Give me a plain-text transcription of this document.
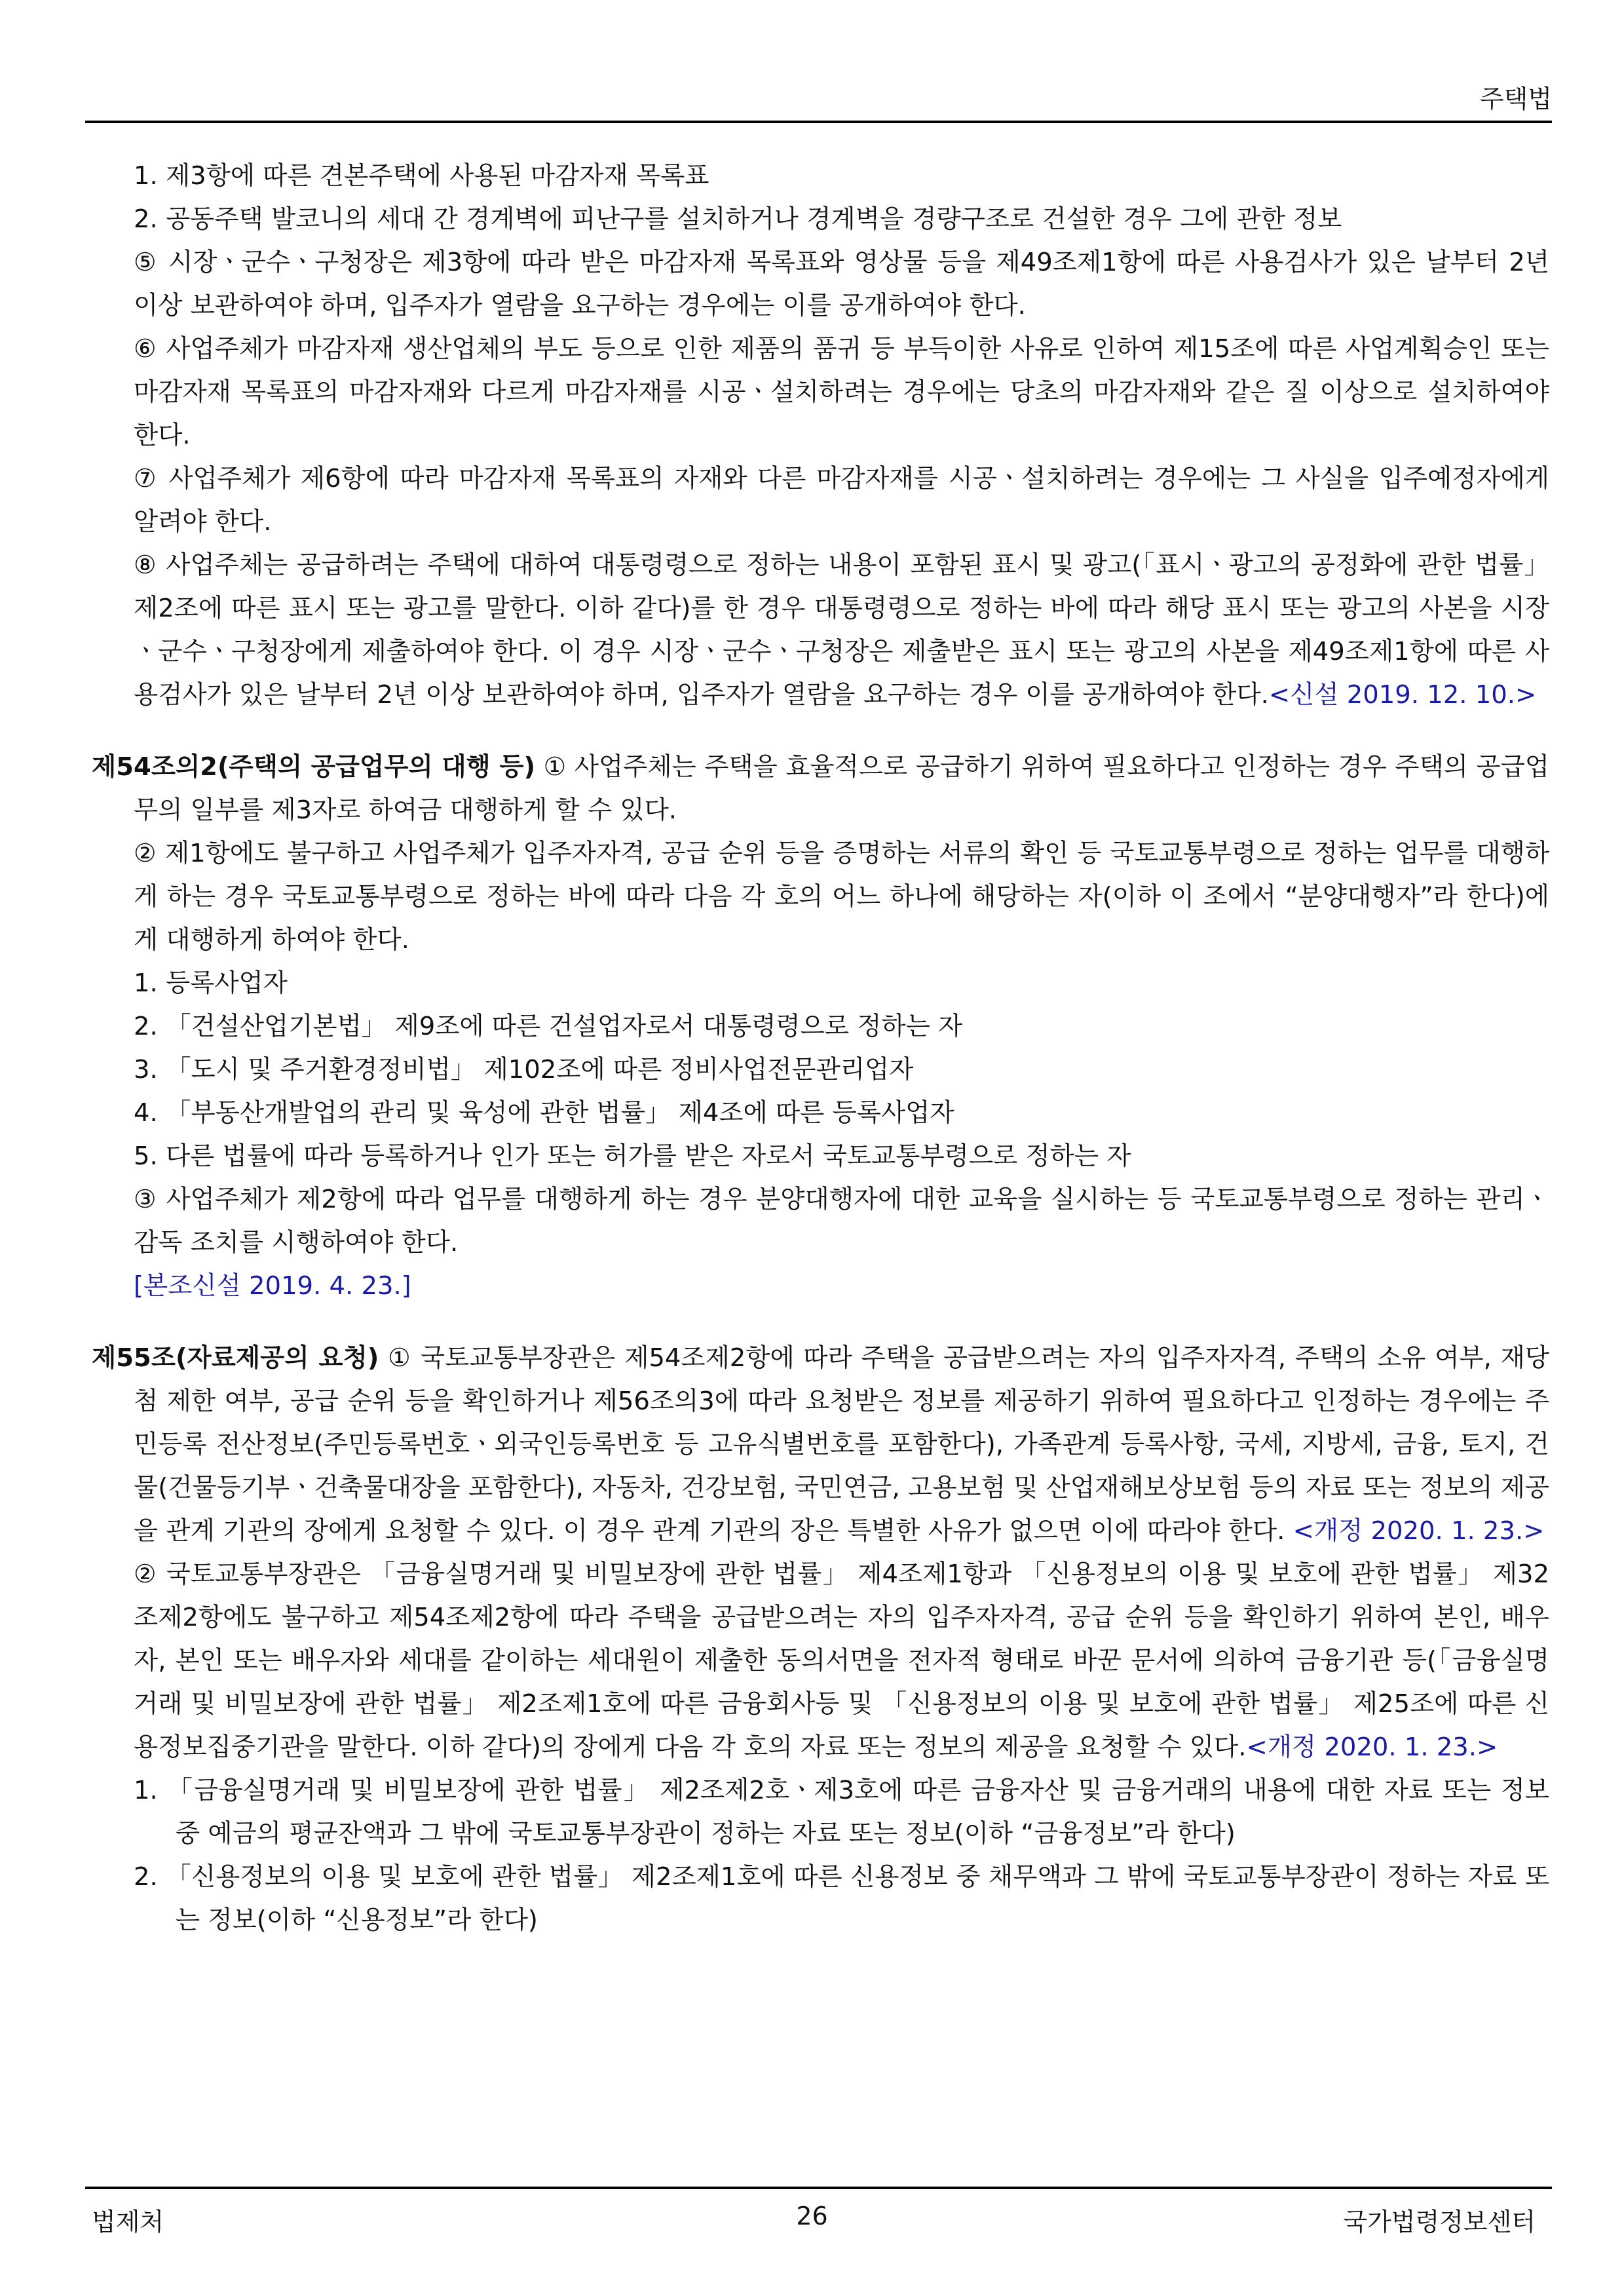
주택법

1. 제3항에 따른 견본주택에 사용된 마감자재 목록표

2. 공동주택 발코니의 세대 간 경계벽에 피난구를 설치하거나 경계벽을 경량구조로 건설한 경우 그에 관한 정보

⑤ 시장ㆍ군수ㆍ구청장은 제3항에 따라 받은 마감자재 목록표와 영상물 등을 제49조제1항에 따른 사용검사가 있은 날부터 2년 이상 보관하여야 하며, 입주자가 열람을 요구하는 경우에는 이를 공개하여야 한다.

⑥ 사업주체가 마감자재 생산업체의 부도 등으로 인한 제품의 품귀 등 부득이한 사유로 인하여 제15조에 따른 사업계획승인 또는 마감자재 목록표의 마감자재와 다르게 마감자재를 시공ㆍ설치하려는 경우에는 당초의 마감자재와 같은 질 이상으로 설치하여야 한다.

⑦ 사업주체가 제6항에 따라 마감자재 목록표의 자재와 다른 마감자재를 시공ㆍ설치하려는 경우에는 그 사실을 입주예정자에게 알려야 한다.

⑧ 사업주체는 공급하려는 주택에 대하여 대통령령으로 정하는 내용이 포함된 표시 및 광고(「표시ㆍ광고의 공정화에 관한 법률」 제2조에 따른 표시 또는 광고를 말한다. 이하 같다)를 한 경우 대통령령으로 정하는 바에 따라 해당 표시 또는 광고의 사본을 시장ㆍ군수ㆍ구청장에게 제출하여야 한다. 이 경우 시장ㆍ군수ㆍ구청장은 제출받은 표시 또는 광고의 사본을 제49조제1항에 따른 사용검사가 있은 날부터 2년 이상 보관하여야 하며, 입주자가 열람을 요구하는 경우 이를 공개하여야 한다.<신설 2019. 12. 10.>

제54조의2(주택의 공급업무의 대행 등) ① 사업주체는 주택을 효율적으로 공급하기 위하여 필요하다고 인정하는 경우 주택의 공급업무의 일부를 제3자로 하여금 대행하게 할 수 있다.

② 제1항에도 불구하고 사업주체가 입주자자격, 공급 순위 등을 증명하는 서류의 확인 등 국토교통부령으로 정하는 업무를 대행하게 하는 경우 국토교통부령으로 정하는 바에 따라 다음 각 호의 어느 하나에 해당하는 자(이하 이 조에서 “분양대행자”라 한다)에게 대행하게 하여야 한다.

1. 등록사업자

2. 「건설산업기본법」 제9조에 따른 건설업자로서 대통령령으로 정하는 자

3. 「도시 및 주거환경정비법」 제102조에 따른 정비사업전문관리업자

4. 「부동산개발업의 관리 및 육성에 관한 법률」 제4조에 따른 등록사업자

5. 다른 법률에 따라 등록하거나 인가 또는 허가를 받은 자로서 국토교통부령으로 정하는 자

③ 사업주체가 제2항에 따라 업무를 대행하게 하는 경우 분양대행자에 대한 교육을 실시하는 등 국토교통부령으로 정하는 관리ㆍ감독 조치를 시행하여야 한다.

[본조신설 2019. 4. 23.]

제55조(자료제공의 요청) ① 국토교통부장관은 제54조제2항에 따라 주택을 공급받으려는 자의 입주자자격, 주택의 소유 여부, 재당첨 제한 여부, 공급 순위 등을 확인하거나 제56조의3에 따라 요청받은 정보를 제공하기 위하여 필요하다고 인정하는 경우에는 주민등록 전산정보(주민등록번호ㆍ외국인등록번호 등 고유식별번호를 포함한다), 가족관계 등록사항, 국세, 지방세, 금융, 토지, 건물(건물등기부ㆍ건축물대장을 포함한다), 자동차, 건강보험, 국민연금, 고용보험 및 산업재해보상보험 등의 자료 또는 정보의 제공을 관계 기관의 장에게 요청할 수 있다. 이 경우 관계 기관의 장은 특별한 사유가 없으면 이에 따라야 한다. <개정 2020. 1. 23.>

② 국토교통부장관은 「금융실명거래 및 비밀보장에 관한 법률」 제4조제1항과 「신용정보의 이용 및 보호에 관한 법률」 제32조제2항에도 불구하고 제54조제2항에 따라 주택을 공급받으려는 자의 입주자자격, 공급 순위 등을 확인하기 위하여 본인, 배우자, 본인 또는 배우자와 세대를 같이하는 세대원이 제출한 동의서면을 전자적 형태로 바꾼 문서에 의하여 금융기관 등(「금융실명거래 및 비밀보장에 관한 법률」 제2조제1호에 따른 금융회사등 및 「신용정보의 이용 및 보호에 관한 법률」 제25조에 따른 신용정보집중기관을 말한다. 이하 같다)의 장에게 다음 각 호의 자료 또는 정보의 제공을 요청할 수 있다.<개정 2020. 1. 23.>

1. 「금융실명거래 및 비밀보장에 관한 법률」 제2조제2호ㆍ제3호에 따른 금융자산 및 금융거래의 내용에 대한 자료 또는 정보 중 예금의 평균잔액과 그 밖에 국토교통부장관이 정하는 자료 또는 정보(이하 “금융정보”라 한다)

2. 「신용정보의 이용 및 보호에 관한 법률」 제2조제1호에 따른 신용정보 중 채무액과 그 밖에 국토교통부장관이 정하는 자료 또는 정보(이하 “신용정보”라 한다)

법제처	26	국가법령정보센터
